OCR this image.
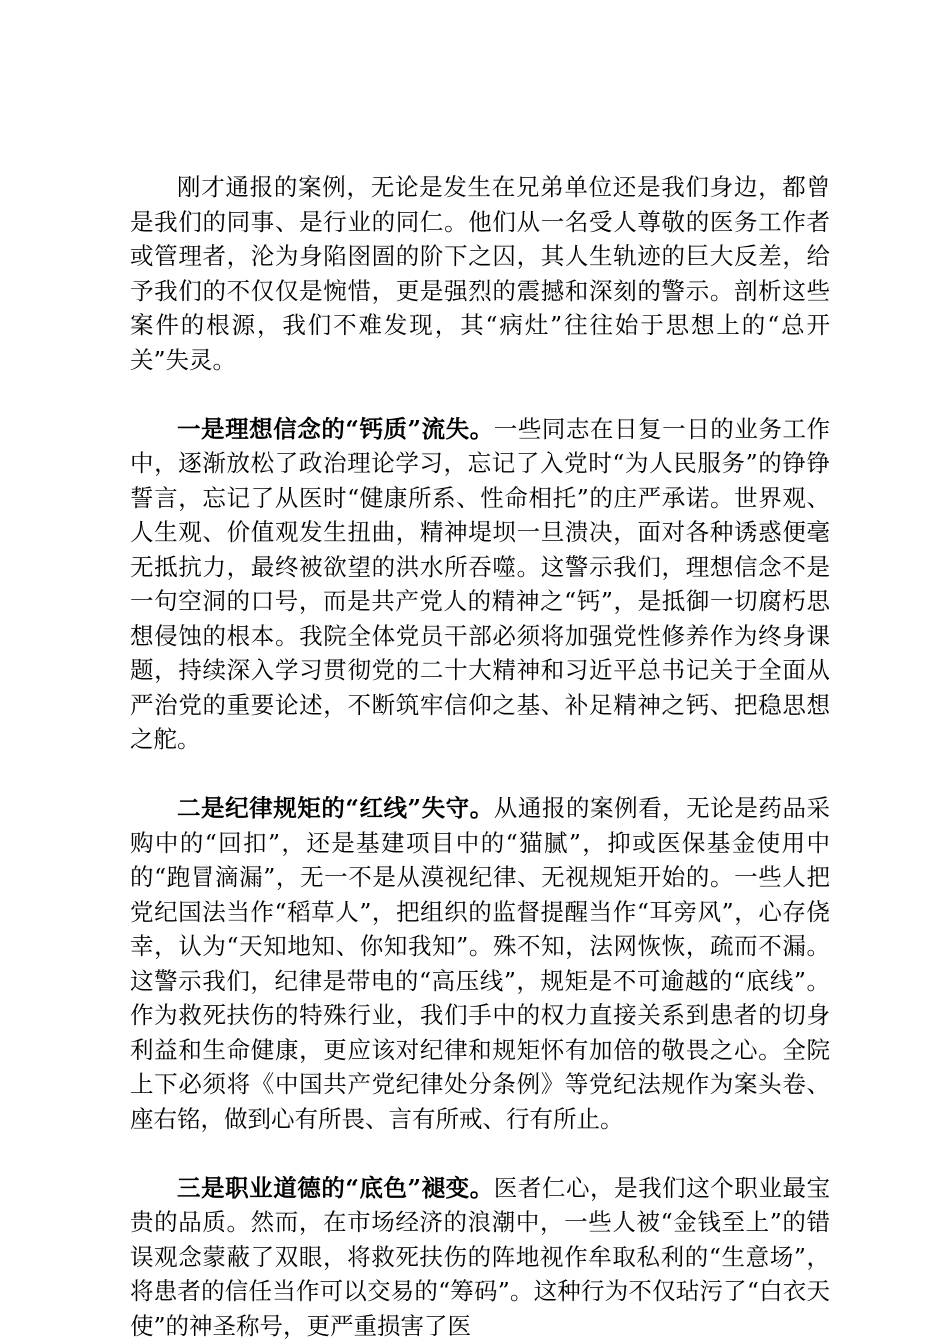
刚才通报的案例，无论是发生在兄弟单位还是我们身边，都曾是我们的同事、是行业的同仁。他们从一名受人尊敬的医务工作者或管理者，沦为身陷囹圄的阶下之囚，其人生轨迹的巨大反差，给予我们的不仅仅是惋惜，更是强烈的震撼和深刻的警示。剖析这些案件的根源，我们不难发现，其“病灶”往往始于思想上的“总开关”失灵。

一是理想信念的“钙质”流失。一些同志在日复一日的业务工作中，逐渐放松了政治理论学习，忘记了入党时“为人民服务”的铮铮誓言，忘记了从医时“健康所系、性命相托”的庄严承诺。世界观、人生观、价值观发生扭曲，精神堤坝一旦溃决，面对各种诱惑便毫无抵抗力，最终被欲望的洪水所吞噬。这警示我们，理想信念不是一句空洞的口号，而是共产党人的精神之“钙”，是抵御一切腐朽思想侵蚀的根本。我院全体党员干部必须将加强党性修养作为终身课题，持续深入学习贯彻党的二十大精神和习近平总书记关于全面从严治党的重要论述，不断筑牢信仰之基、补足精神之钙、把稳思想之舵。

二是纪律规矩的“红线”失守。从通报的案例看，无论是药品采购中的“回扣”，还是基建项目中的“猫腻”，抑或医保基金使用中的“跑冒滴漏”，无一不是从漠视纪律、无视规矩开始的。一些人把党纪国法当作“稻草人”，把组织的监督提醒当作“耳旁风”，心存侥幸，认为“天知地知、你知我知”。殊不知，法网恢恢，疏而不漏。这警示我们，纪律是带电的“高压线”，规矩是不可逾越的“底线”。作为救死扶伤的特殊行业，我们手中的权力直接关系到患者的切身利益和生命健康，更应该对纪律和规矩怀有加倍的敬畏之心。全院上下必须将《中国共产党纪律处分条例》等党纪法规作为案头卷、座右铭，做到心有所畏、言有所戒、行有所止。

三是职业道德的“底色”褪变。医者仁心，是我们这个职业最宝贵的品质。然而，在市场经济的浪潮中，一些人被“金钱至上”的错误观念蒙蔽了双眼，将救死扶伤的阵地视作牟取私利的“生意场”，将患者的信任当作可以交易的“筹码”。这种行为不仅玷污了“白衣天使”的神圣称号，更严重损害了医
